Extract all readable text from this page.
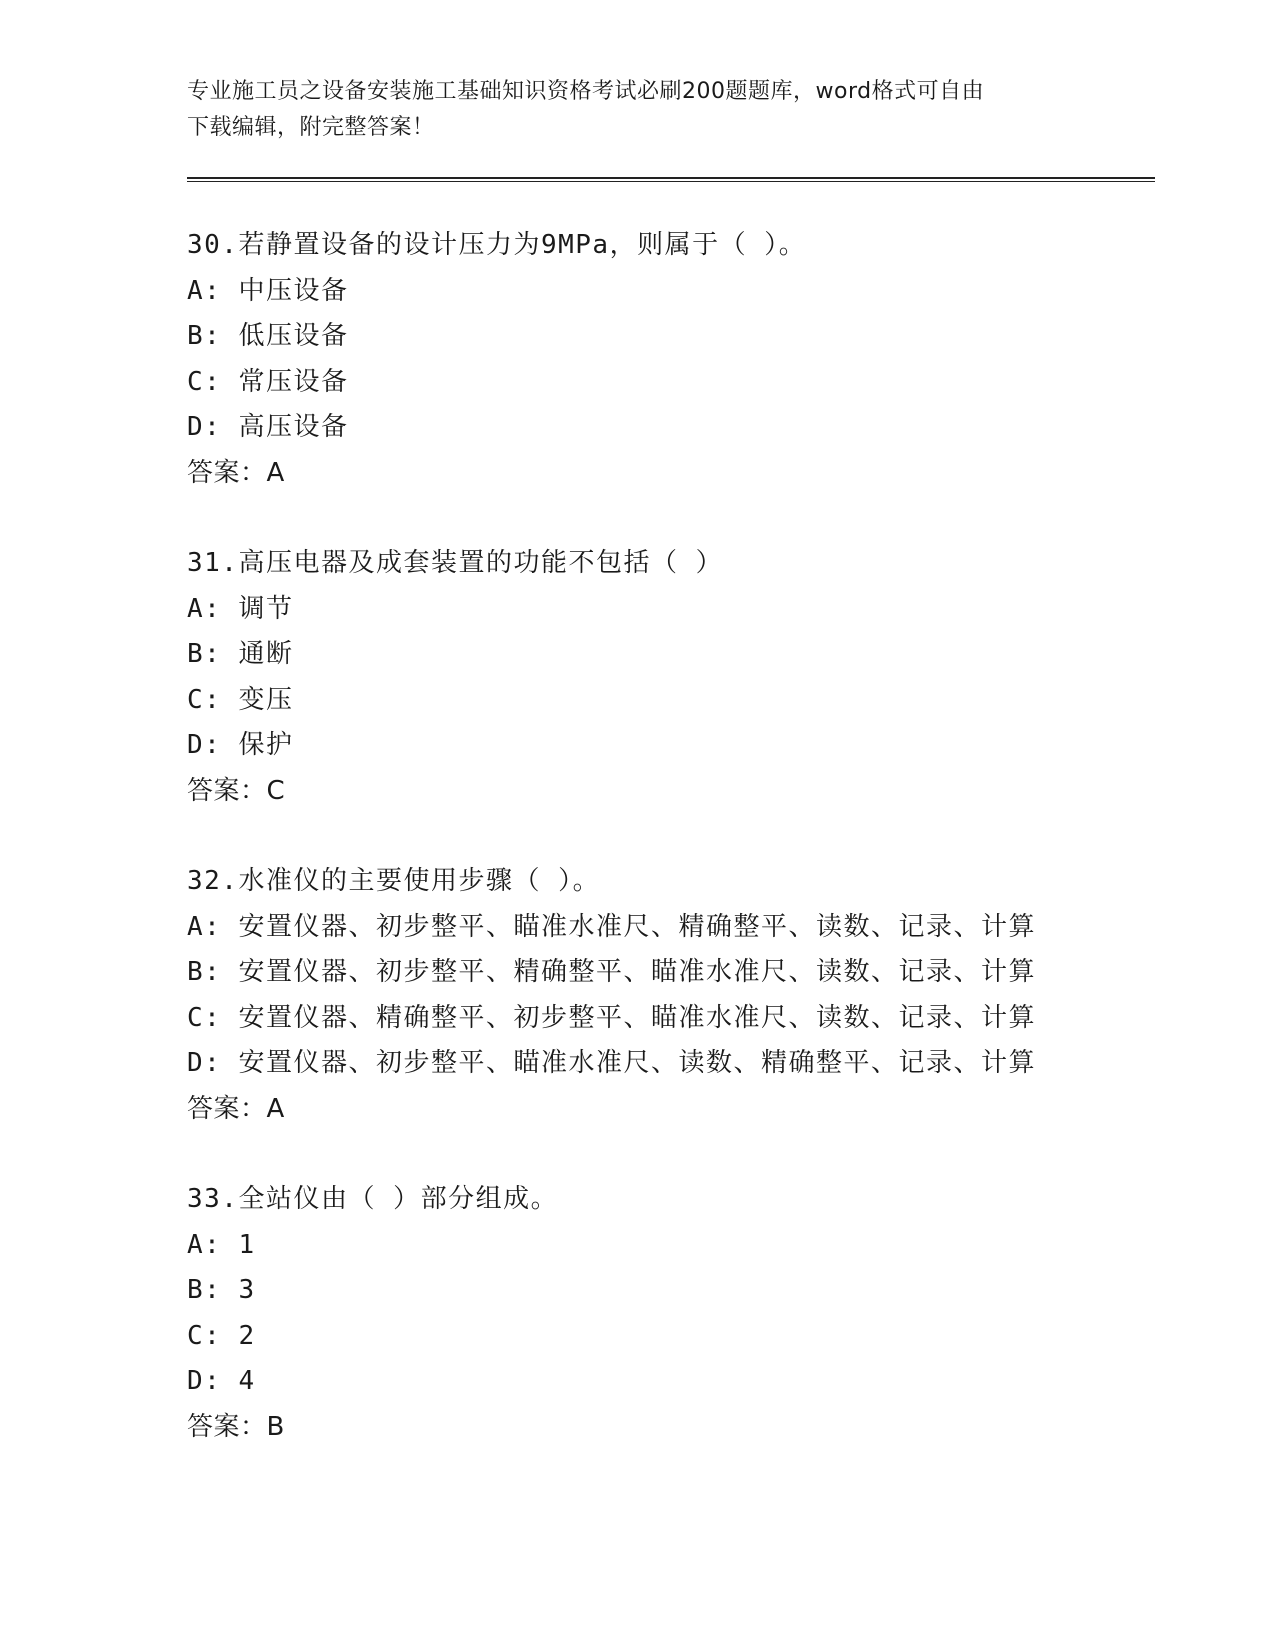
专业施工员之设备安装施工基础知识资格考试必刷200题题库，word格式可自由
下载编辑，附完整答案！
30.若静置设备的设计压力为9MPa，则属于（ ）。
A: 中压设备
B: 低压设备
C: 常压设备
D: 高压设备
答案：A
31.高压电器及成套装置的功能不包括（ ）
A: 调节
B: 通断
C: 变压
D: 保护
答案：C
32.水准仪的主要使用步骤（ ）。
A: 安置仪器、初步整平、瞄准水准尺、精确整平、读数、记录、计算
B: 安置仪器、初步整平、精确整平、瞄准水准尺、读数、记录、计算
C: 安置仪器、精确整平、初步整平、瞄准水准尺、读数、记录、计算
D: 安置仪器、初步整平、瞄准水准尺、读数、精确整平、记录、计算
答案：A
33.全站仪由（ ）部分组成。
A: 1
B: 3
C: 2
D: 4
答案：B
